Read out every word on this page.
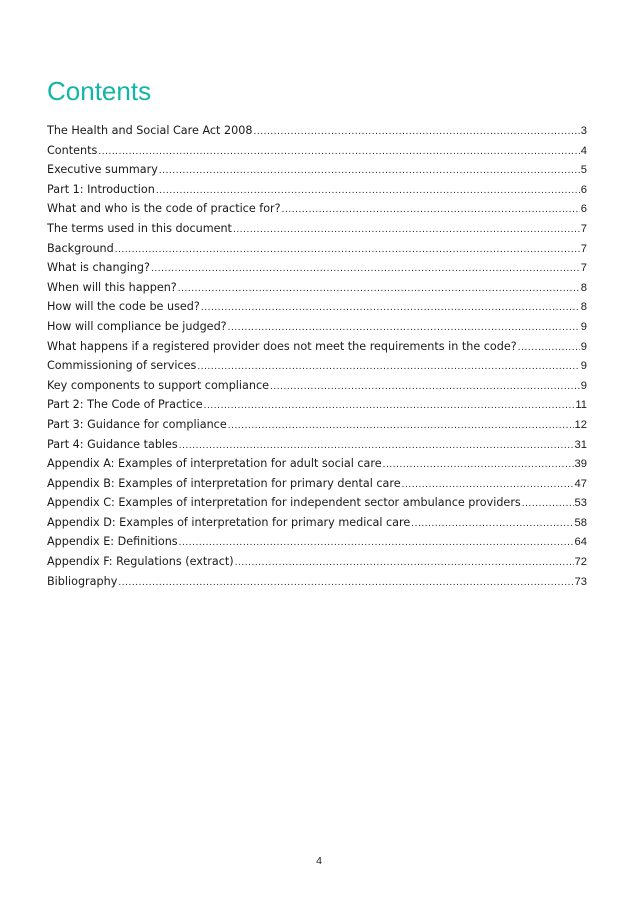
Contents
The Health and Social Care Act 2008 .....	3
Contents .....	4
Executive summary .....	5
Part 1: Introduction .....	6
What and who is the code of practice for? .....	6
The terms used in this document .....	7
Background .....	7
What is changing? .....	7
When will this happen? .....	8
How will the code be used? .....	8
How will compliance be judged? .....	9
What happens if a registered provider does not meet the requirements in the code? .....	9
Commissioning of services .....	9
Key components to support compliance .....	9
Part 2: The Code of Practice .....	11
Part 3: Guidance for compliance .....	12
Part 4: Guidance tables .....	31
Appendix A: Examples of interpretation for adult social care .....	39
Appendix B: Examples of interpretation for primary dental care .....	47
Appendix C: Examples of interpretation for independent sector ambulance providers .....	53
Appendix D: Examples of interpretation for primary medical care .....	58
Appendix E: Definitions .....	64
Appendix F: Regulations (extract) .....	72
Bibliography .....	73
4
